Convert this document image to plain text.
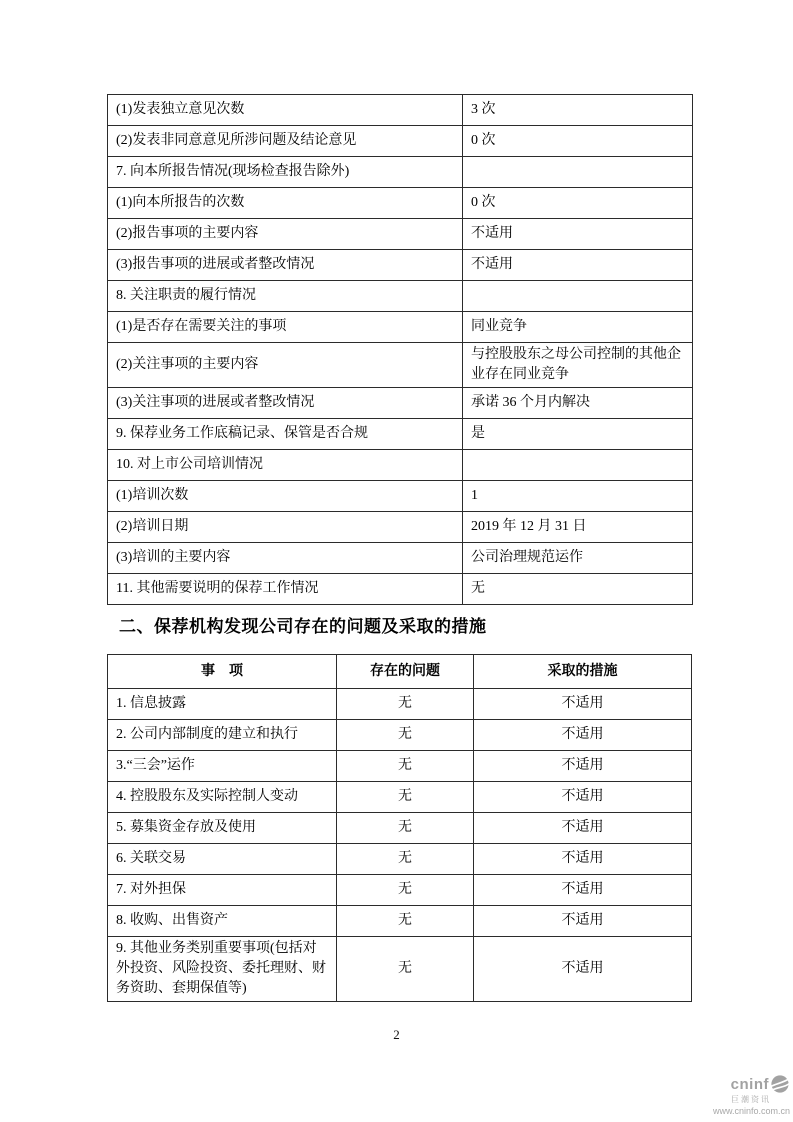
(1)发表独立意见次数	3 次
(2)发表非同意意见所涉问题及结论意见	0 次
7. 向本所报告情况(现场检查报告除外)	
(1)向本所报告的次数	0 次
(2)报告事项的主要内容	不适用
(3)报告事项的进展或者整改情况	不适用
8. 关注职责的履行情况	
(1)是否存在需要关注的事项	同业竞争
(2)关注事项的主要内容	与控股股东之母公司控制的其他企业存在同业竞争
(3)关注事项的进展或者整改情况	承诺 36 个月内解决
9. 保荐业务工作底稿记录、保管是否合规	是
10. 对上市公司培训情况	
(1)培训次数	1
(2)培训日期	2019 年 12 月 31 日
(3)培训的主要内容	公司治理规范运作
11. 其他需要说明的保荐工作情况	无
二、保荐机构发现公司存在的问题及采取的措施
事　项	存在的问题	采取的措施
1. 信息披露	无	不适用
2. 公司内部制度的建立和执行	无	不适用
3.“三会”运作	无	不适用
4. 控股股东及实际控制人变动	无	不适用
5. 募集资金存放及使用	无	不适用
6. 关联交易	无	不适用
7. 对外担保	无	不适用
8. 收购、出售资产	无	不适用
9. 其他业务类别重要事项(包括对外投资、风险投资、委托理财、财务资助、套期保值等)	无	不适用
2
cninf
巨潮资讯
www.cninfo.com.cn
